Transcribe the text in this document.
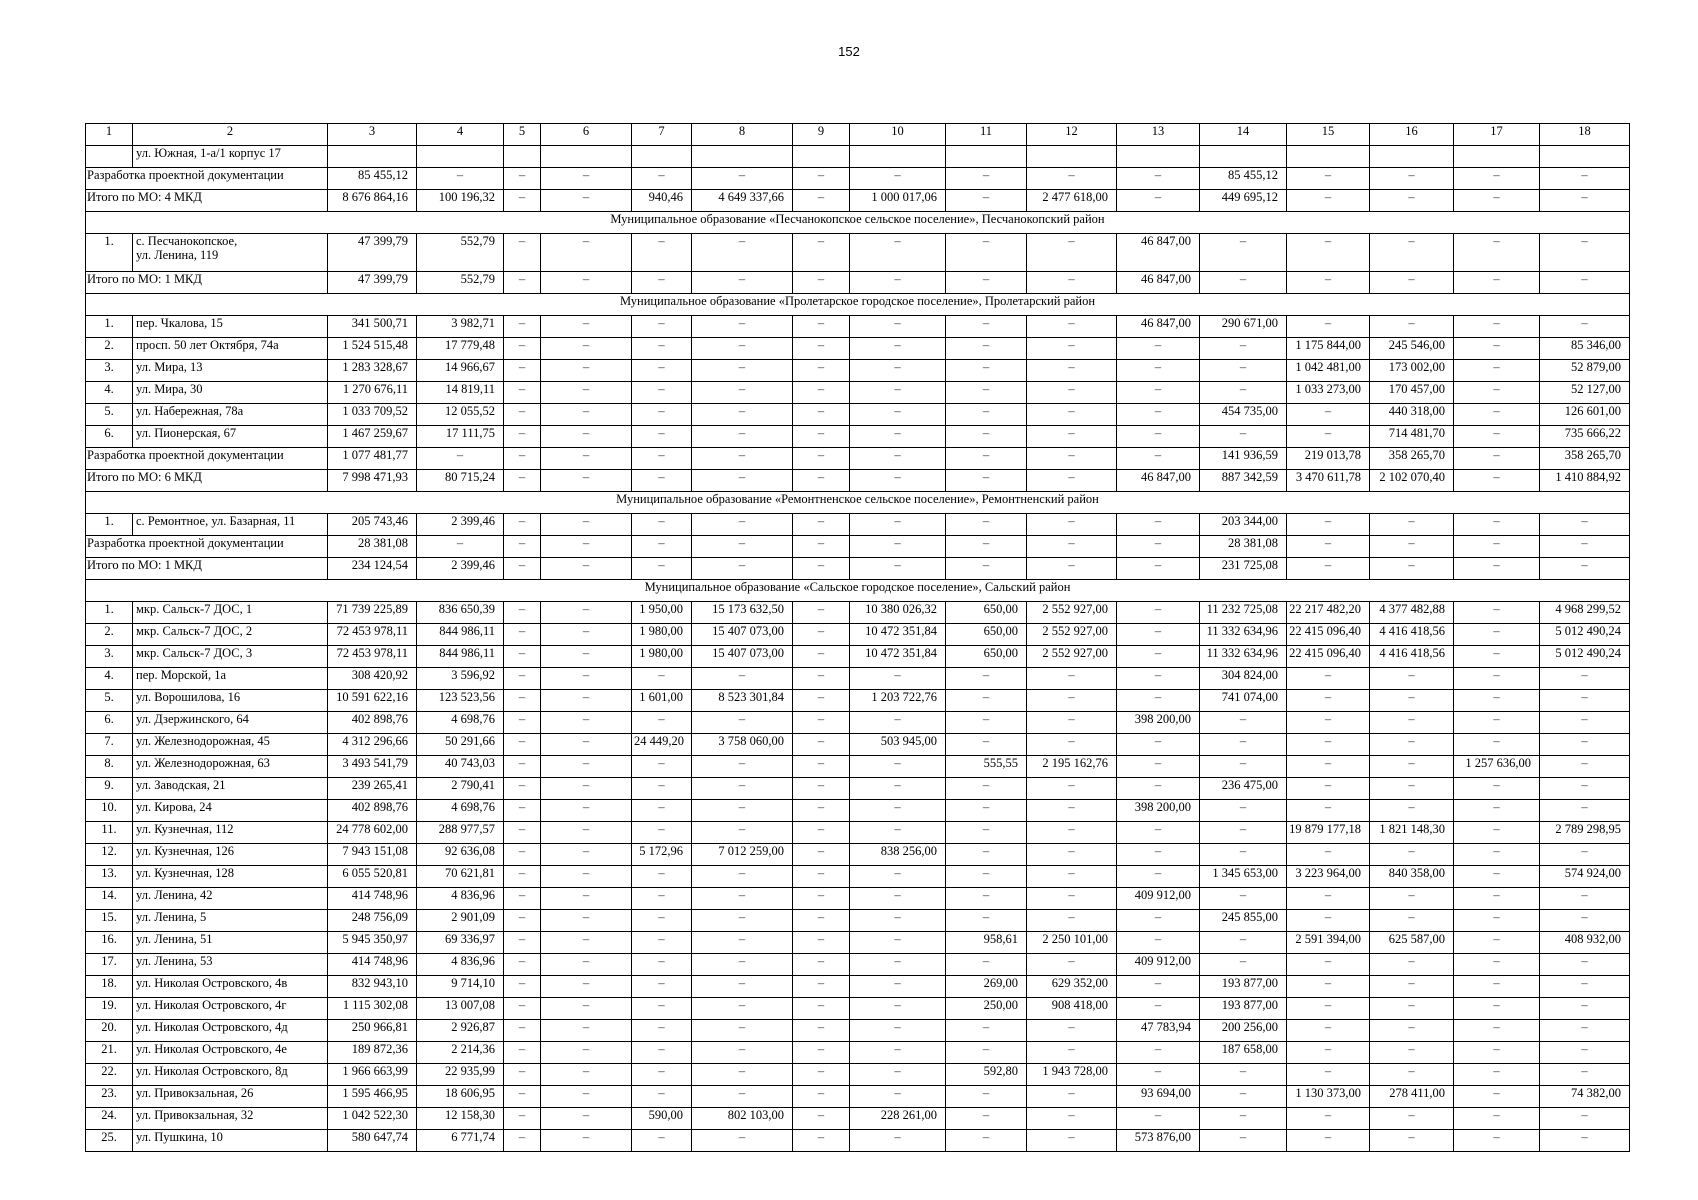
152
1	2	3	4	5	6	7	8	9	10	11	12	13	14	15	16	17	18
	ул. Южная, 1-а/1 корпус 17																
Разработка проектной документации		85 455,12	–	–	–	–	–	–	–	–	–	–	85 455,12	–	–	–	–
Итого по МО: 4 МКД		8 676 864,16	100 196,32	–	–	940,46	4 649 337,66	–	1 000 017,06	–	2 477 618,00	–	449 695,12	–	–	–	–
Муниципальное образование «Песчанокопское сельское поселение», Песчанокопский район																	
1.	с. Песчанокопское,
ул. Ленина, 119	47 399,79	552,79	–	–	–	–	–	–	–	–	46 847,00	–	–	–	–	–
Итого по МО: 1 МКД		47 399,79	552,79	–	–	–	–	–	–	–	–	46 847,00	–	–	–	–	–
Муниципальное образование «Пролетарское городское поселение», Пролетарский район																	
1.	пер. Чкалова, 15	341 500,71	3 982,71	–	–	–	–	–	–	–	–	46 847,00	290 671,00	–	–	–	–
2.	просп. 50 лет Октября, 74а	1 524 515,48	17 779,48	–	–	–	–	–	–	–	–	–	–	1 175 844,00	245 546,00	–	85 346,00
3.	ул. Мира, 13	1 283 328,67	14 966,67	–	–	–	–	–	–	–	–	–	–	1 042 481,00	173 002,00	–	52 879,00
4.	ул. Мира, 30	1 270 676,11	14 819,11	–	–	–	–	–	–	–	–	–	–	1 033 273,00	170 457,00	–	52 127,00
5.	ул. Набережная, 78а	1 033 709,52	12 055,52	–	–	–	–	–	–	–	–	–	454 735,00	–	440 318,00	–	126 601,00
6.	ул. Пионерская, 67	1 467 259,67	17 111,75	–	–	–	–	–	–	–	–	–	–	–	714 481,70	–	735 666,22
Разработка проектной документации		1 077 481,77	–	–	–	–	–	–	–	–	–	–	141 936,59	219 013,78	358 265,70	–	358 265,70
Итого по МО: 6 МКД		7 998 471,93	80 715,24	–	–	–	–	–	–	–	–	46 847,00	887 342,59	3 470 611,78	2 102 070,40	–	1 410 884,92
Муниципальное образование «Ремонтненское сельское поселение», Ремонтненский район																	
1.	с. Ремонтное, ул. Базарная, 11	205 743,46	2 399,46	–	–	–	–	–	–	–	–	–	203 344,00	–	–	–	–
Разработка проектной документации		28 381,08	–	–	–	–	–	–	–	–	–	–	28 381,08	–	–	–	–
Итого по МО: 1 МКД		234 124,54	2 399,46	–	–	–	–	–	–	–	–	–	231 725,08	–	–	–	–
Муниципальное образование «Сальское городское поселение», Сальский район																	
1.	мкр. Сальск-7 ДОС, 1	71 739 225,89	836 650,39	–	–	1 950,00	15 173 632,50	–	10 380 026,32	650,00	2 552 927,00	–	11 232 725,08	22 217 482,20	4 377 482,88	–	4 968 299,52
2.	мкр. Сальск-7 ДОС, 2	72 453 978,11	844 986,11	–	–	1 980,00	15 407 073,00	–	10 472 351,84	650,00	2 552 927,00	–	11 332 634,96	22 415 096,40	4 416 418,56	–	5 012 490,24
3.	мкр. Сальск-7 ДОС, 3	72 453 978,11	844 986,11	–	–	1 980,00	15 407 073,00	–	10 472 351,84	650,00	2 552 927,00	–	11 332 634,96	22 415 096,40	4 416 418,56	–	5 012 490,24
4.	пер. Морской, 1а	308 420,92	3 596,92	–	–	–	–	–	–	–	–	–	304 824,00	–	–	–	–
5.	ул. Ворошилова, 16	10 591 622,16	123 523,56	–	–	1 601,00	8 523 301,84	–	1 203 722,76	–	–	–	741 074,00	–	–	–	–
6.	ул. Дзержинского, 64	402 898,76	4 698,76	–	–	–	–	–	–	–	–	398 200,00	–	–	–	–	–
7.	ул. Железнодорожная, 45	4 312 296,66	50 291,66	–	–	24 449,20	3 758 060,00	–	503 945,00	–	–	–	–	–	–	–	–
8.	ул. Железнодорожная, 63	3 493 541,79	40 743,03	–	–	–	–	–	–	555,55	2 195 162,76	–	–	–	–	1 257 636,00	–
9.	ул. Заводская, 21	239 265,41	2 790,41	–	–	–	–	–	–	–	–	–	236 475,00	–	–	–	–
10.	ул. Кирова, 24	402 898,76	4 698,76	–	–	–	–	–	–	–	–	398 200,00	–	–	–	–	–
11.	ул. Кузнечная, 112	24 778 602,00	288 977,57	–	–	–	–	–	–	–	–	–	–	19 879 177,18	1 821 148,30	–	2 789 298,95
12.	ул. Кузнечная, 126	7 943 151,08	92 636,08	–	–	5 172,96	7 012 259,00	–	838 256,00	–	–	–	–	–	–	–	–
13.	ул. Кузнечная, 128	6 055 520,81	70 621,81	–	–	–	–	–	–	–	–	–	1 345 653,00	3 223 964,00	840 358,00	–	574 924,00
14.	ул. Ленина, 42	414 748,96	4 836,96	–	–	–	–	–	–	–	–	409 912,00	–	–	–	–	–
15.	ул. Ленина, 5	248 756,09	2 901,09	–	–	–	–	–	–	–	–	–	245 855,00	–	–	–	–
16.	ул. Ленина, 51	5 945 350,97	69 336,97	–	–	–	–	–	–	958,61	2 250 101,00	–	–	2 591 394,00	625 587,00	–	408 932,00
17.	ул. Ленина, 53	414 748,96	4 836,96	–	–	–	–	–	–	–	–	409 912,00	–	–	–	–	–
18.	ул. Николая Островского, 4в	832 943,10	9 714,10	–	–	–	–	–	–	269,00	629 352,00	–	193 877,00	–	–	–	–
19.	ул. Николая Островского, 4г	1 115 302,08	13 007,08	–	–	–	–	–	–	250,00	908 418,00	–	193 877,00	–	–	–	–
20.	ул. Николая Островского, 4д	250 966,81	2 926,87	–	–	–	–	–	–	–	–	47 783,94	200 256,00	–	–	–	–
21.	ул. Николая Островского, 4е	189 872,36	2 214,36	–	–	–	–	–	–	–	–	–	187 658,00	–	–	–	–
22.	ул. Николая Островского, 8д	1 966 663,99	22 935,99	–	–	–	–	–	–	592,80	1 943 728,00	–	–	–	–	–	–
23.	ул. Привокзальная, 26	1 595 466,95	18 606,95	–	–	–	–	–	–	–	–	93 694,00	–	1 130 373,00	278 411,00	–	74 382,00
24.	ул. Привокзальная, 32	1 042 522,30	12 158,30	–	–	590,00	802 103,00	–	228 261,00	–	–	–	–	–	–	–	–
25.	ул. Пушкина, 10	580 647,74	6 771,74	–	–	–	–	–	–	–	–	573 876,00	–	–	–	–	–
